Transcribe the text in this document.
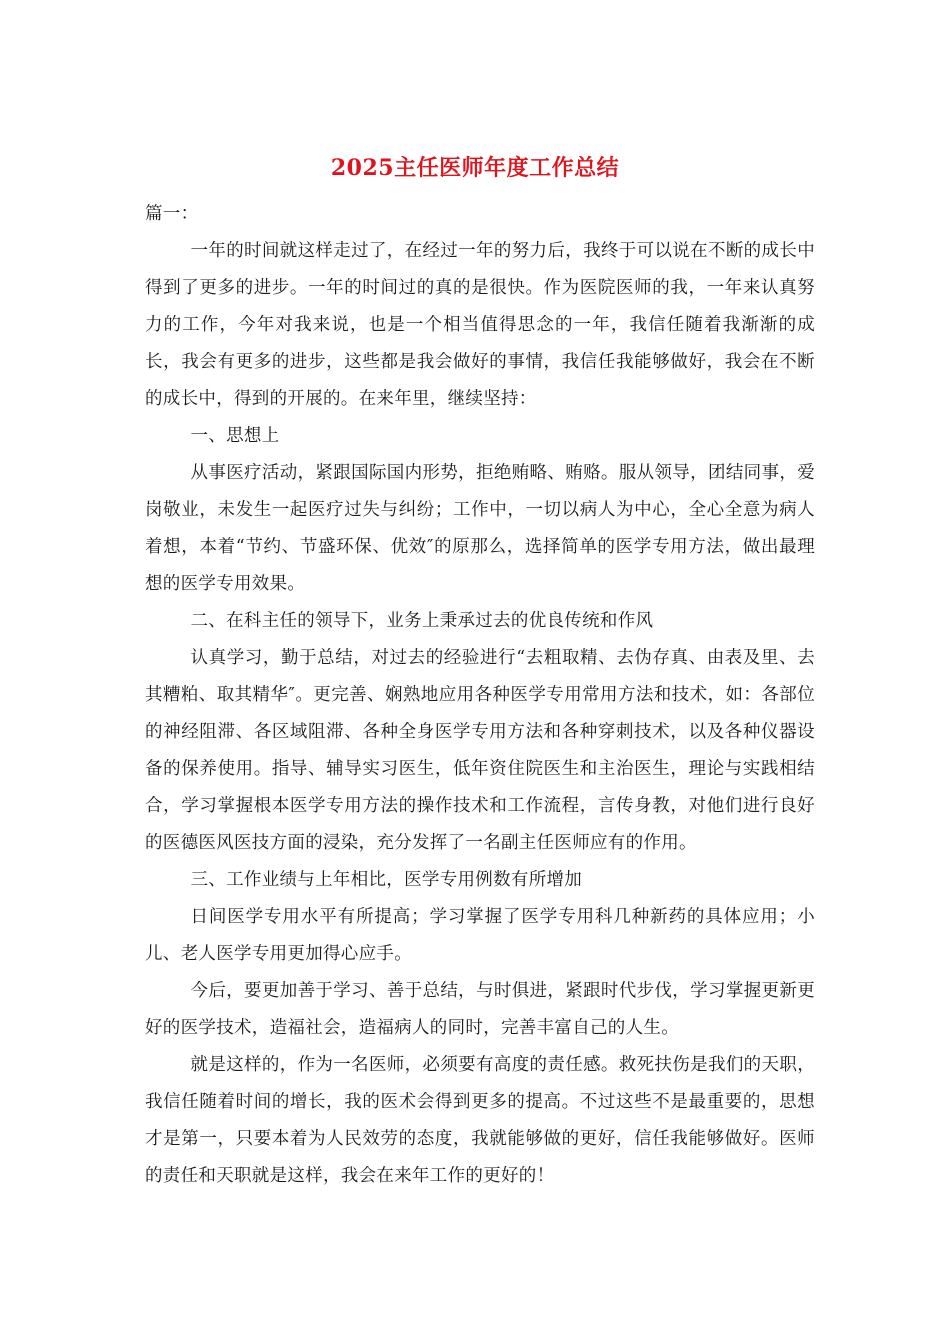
2025主任医师年度工作总结

篇一：

一年的时间就这样走过了，在经过一年的努力后，我终于可以说在不断的成长中得到了更多的进步。一年的时间过的真的是很快。作为医院医师的我，一年来认真努力的工作，今年对我来说，也是一个相当值得思念的一年，我信任随着我渐渐的成长，我会有更多的进步，这些都是我会做好的事情，我信任我能够做好，我会在不断的成长中，得到的开展的。在来年里，继续坚持：

一、思想上

从事医疗活动，紧跟国际国内形势，拒绝贿略、贿赂。服从领导，团结同事，爱岗敬业，未发生一起医疗过失与纠纷；工作中，一切以病人为中心，全心全意为病人着想，本着“节约、节盛环保、优效″的原那么，选择简单的医学专用方法，做出最理想的医学专用效果。

二、在科主任的领导下，业务上秉承过去的优良传统和作风

认真学习，勤于总结，对过去的经验进行“去粗取精、去伪存真、由表及里、去其糟粕、取其精华″。更完善、娴熟地应用各种医学专用常用方法和技术，如：各部位的神经阻滞、各区域阻滞、各种全身医学专用方法和各种穿刺技术，以及各种仪器设备的保养使用。指导、辅导实习医生，低年资住院医生和主治医生，理论与实践相结合，学习掌握根本医学专用方法的操作技术和工作流程，言传身教，对他们进行良好的医德医风医技方面的浸染，充分发挥了一名副主任医师应有的作用。

三、工作业绩与上年相比，医学专用例数有所增加

日间医学专用水平有所提高；学习掌握了医学专用科几种新药的具体应用；小儿、老人医学专用更加得心应手。

今后，要更加善于学习、善于总结，与时俱进，紧跟时代步伐，学习掌握更新更好的医学技术，造福社会，造福病人的同时，完善丰富自己的人生。

就是这样的，作为一名医师，必须要有高度的责任感。救死扶伤是我们的天职，我信任随着时间的增长，我的医术会得到更多的提高。不过这些不是最重要的，思想才是第一，只要本着为人民效劳的态度，我就能够做的更好，信任我能够做好。医师的责任和天职就是这样，我会在来年工作的更好的！
